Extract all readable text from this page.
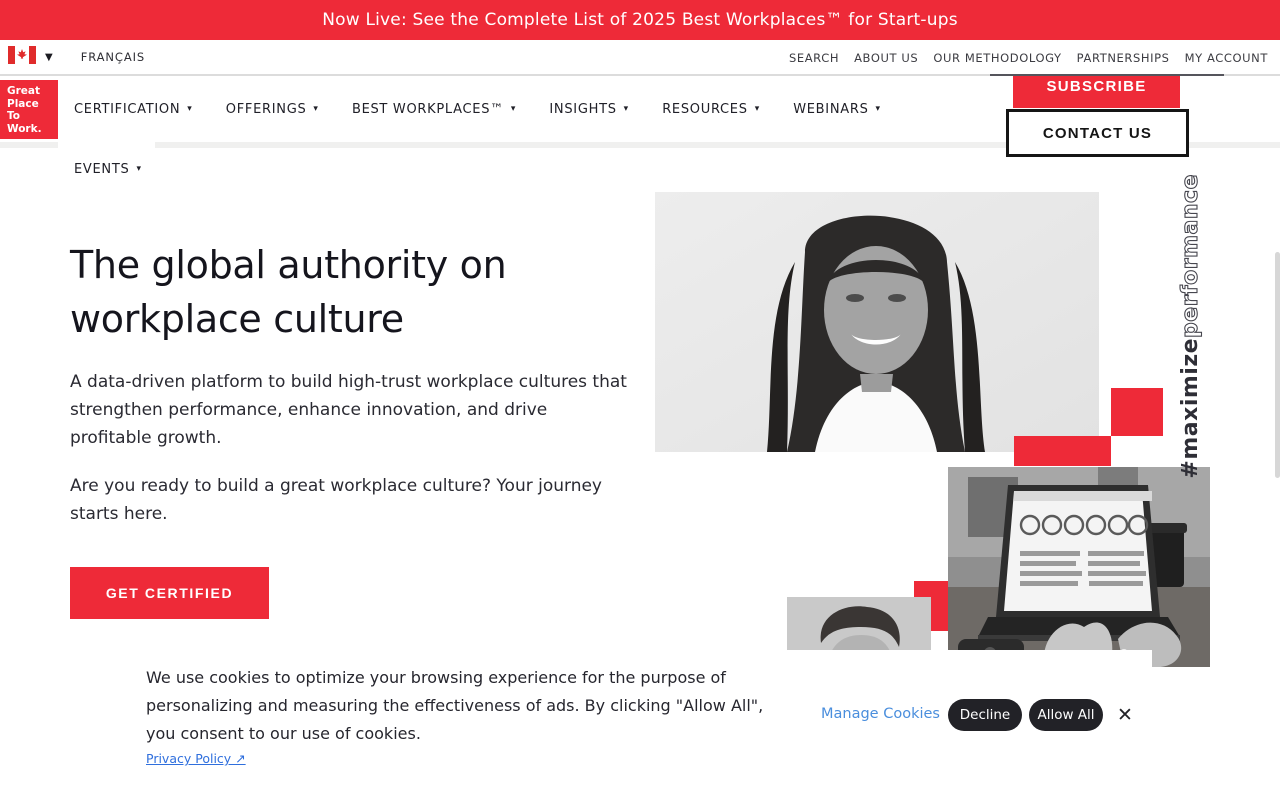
Now Live: See the Complete List of 2025 Best Workplaces™ for Start-ups
▼ FRANÇAIS	SEARCH ABOUT US OUR METHODOLOGY PARTNERSHIPS MY ACCOUNT
CERTIFICATION ▾	OFFERINGS ▾	BEST WORKPLACES™ ▾	INSIGHTS ▾	RESOURCES ▾	WEBINARS ▾
EVENTS ▾
Great
Place
To
Work.
SUBSCRIBE
CONTACT US
The global authority on
workplace culture

A data-driven platform to build high-trust workplace cultures that strengthen performance, enhance innovation, and drive profitable growth.

Are you ready to build a great workplace culture? Your journey starts here.

GET CERTIFIED
#maximizeperformance

We use cookies to optimize your browsing experience for the purpose of personalizing and measuring the effectiveness of ads. By clicking "Allow All", you consent to our use of cookies.

Privacy Policy ↗
Manage Cookies	Decline	Allow All	✕
